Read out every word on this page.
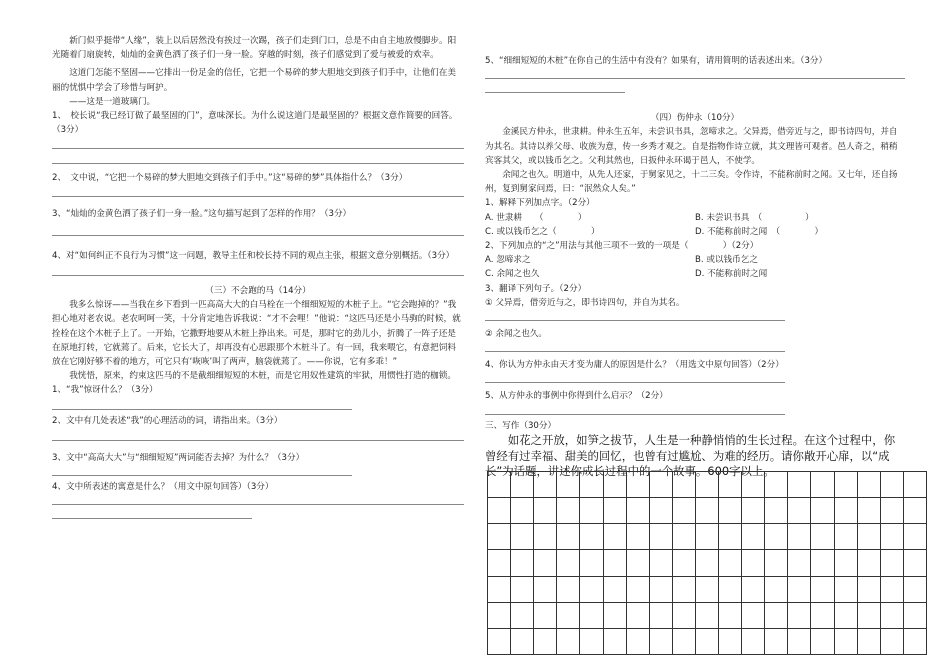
新门似乎挺带“人缘”，装上以后居然没有挨过一次踢，孩子们走到门口，总是不由自主地放慢脚步。阳光随着门扇旋转，灿灿的金黄色洒了孩子们一身一脸。穿越的时刻，孩子们感觉到了爱与被爱的欢幸。

这道门怎能不坚固——它排出一份足金的信任，它把一个易碎的梦大胆地交到孩子们手中，让他们在美丽的忧惧中学会了珍惜与呵护。

——这是一道玻璃门。

1、　校长说“我已经订做了最坚固的门”，意味深长。为什么说这道门是最坚固的？根据文意作简要的回答。（3分）

2、　文中说，“它把一个易碎的梦大胆地交到孩子们手中。”这“易碎的梦”具体指什么？（3分）

3、“灿灿的金黄色洒了孩子们一身一脸。”这句描写起到了怎样的作用？（3分）

4、对“如何纠正不良行为习惯”这一问题，教导主任和校长持不同的观点主张，根据文意分别概括。（3分）

（三）不会跑的马（14分）

我多么惊讶——当我在乡下看到一匹高高大大的白马栓在一个细细短短的木桩子上。“它会跑掉的？”我担心地对老农说。老农呵呵一笑，十分肯定地告诉我说：“才不会哩！”他说：“这匹马还是小马驹的时候，就拴栓在这个木桩子上了。一开始，它撒野地要从木桩上挣出来。可是，那时它的劲儿小，折腾了一阵子还是在原地打转，它就蔫了。后来，它长大了，却再没有心思跟那个木桩斗了。有一回，我来喂它，有意把饲料放在它刚好够不着的地方，可它只有‘咴咴’叫了两声，脑袋就蔫了。——你说，它有多乖！”

我恍悟，原来，约束这匹马的不是截细细短短的木桩，而是它用奴性建筑的牢狱，用惯性打造的枷锁。

1、“我”惊讶什么？（3分）

2、文中有几处表述“我”的心理活动的词，请指出来。（3分）

3、文中“高高大大”与“细细短短”两词能否去掉？为什么？（3分）

4、文中所表述的寓意是什么？（用文中原句回答）（3分）

5、“细细短短的木桩”在你自己的生活中有没有？如果有，请用简明的话表述出来。（3分）

（四）伤仲永（10分）

金溪民方仲永，世隶耕。仲永生五年，未尝识书具，忽啼求之。父异焉，借旁近与之，即书诗四句，并自为其名。其诗以养父母、收族为意，传一乡秀才观之。自是指物作诗立就，其文理皆可观者。邑人奇之，稍稍宾客其父，或以钱币乞之。父利其然也，日扳仲永环谒于邑人，不使学。

余闻之也久。明道中，从先人还家，于舅家见之，十二三矣。令作诗，不能称前时之闻。又七年，还自扬州，复到舅家问焉，曰：“泯然众人矣。”

1、解释下列加点字。（2分）

A. 世隶耕　　（　　　　）	B. 未尝识书具　（　　　　　）
C. 或以钱币乞之（　　　　）	D. 不能称前时之闻　（　　　　）

2、下列加点的“之”用法与其他三项不一致的一项是（　　　　）（2分）

A. 忽啼求之	B. 或以钱币乞之
C. 余闻之也久	D. 不能称前时之闻

3、翻译下列句子。（2分）

① 父异焉，借旁近与之，即书诗四句，并自为其名。

② 余闻之也久。

4、你认为方仲永由天才变为庸人的原因是什么？（用选文中原句回答）（2分）

5、从方仲永的事例中你得到什么启示？（2分）

三、写作（30分）

如花之开放，如笋之拔节，人生是一种静悄悄的生长过程。在这个过程中，你曾经有过幸福、甜美的回忆，也曾有过尴尬、为难的经历。请你敞开心扉，以“成长”为话题，讲述你成长过程中的一个故事。600字以上。
